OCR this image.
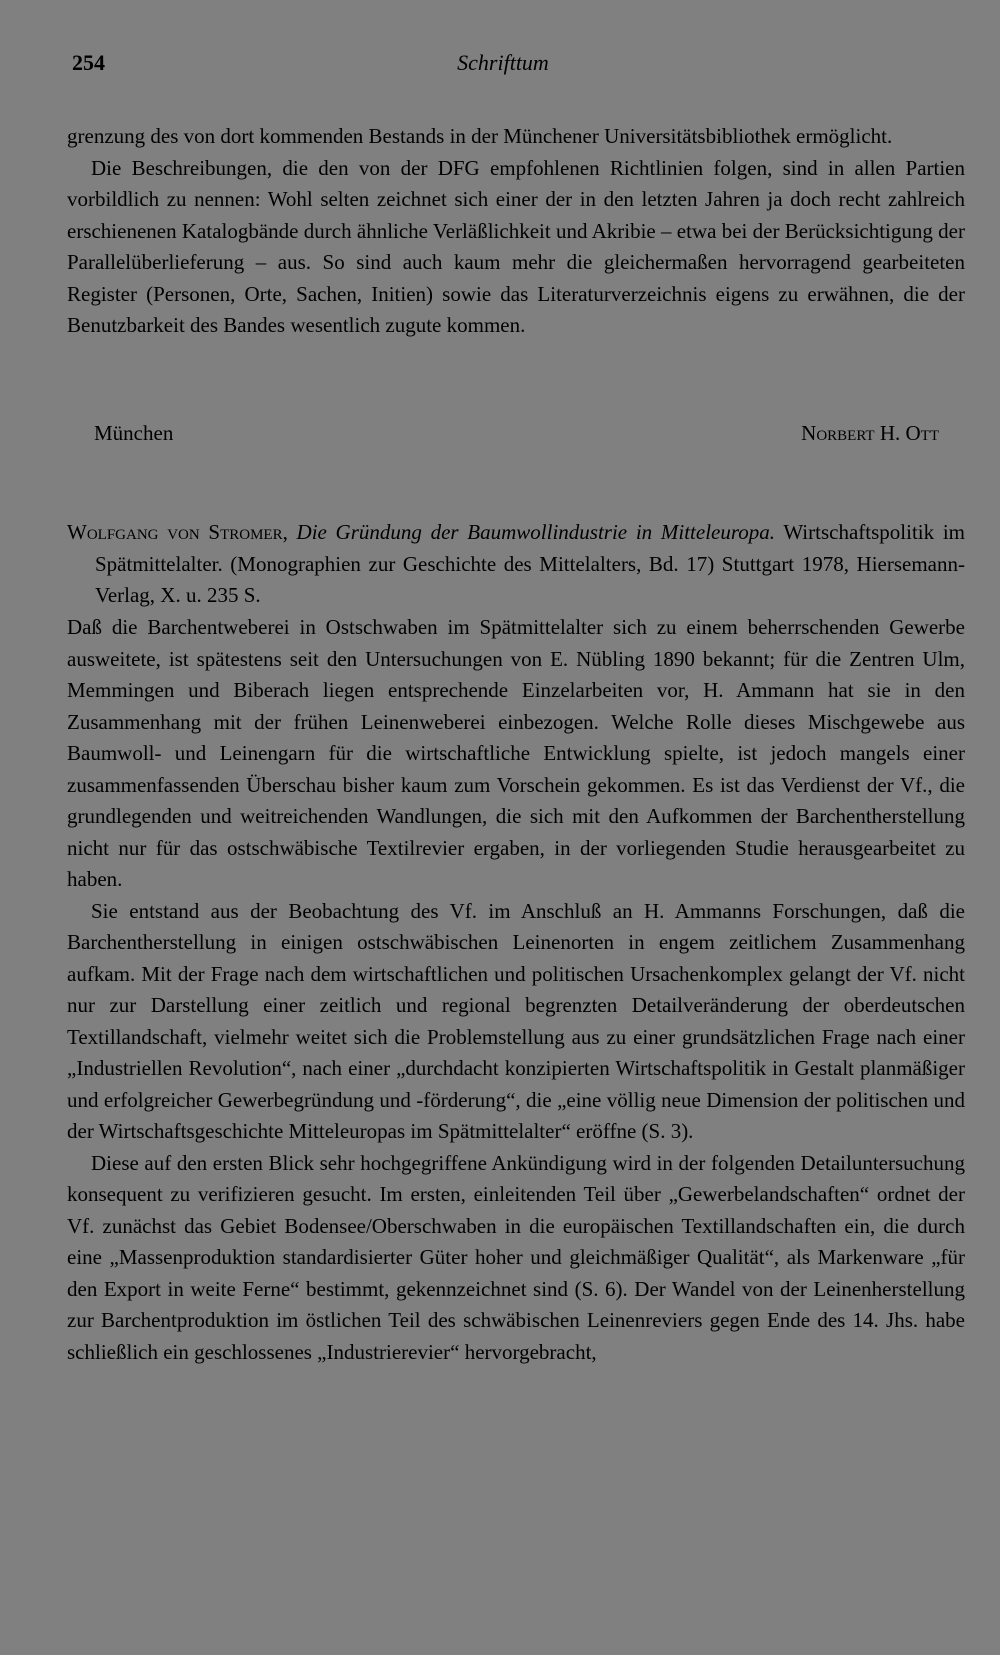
254	Schrifttum

grenzung des von dort kommenden Bestands in der Münchener Universitätsbibliothek ermöglicht.

Die Beschreibungen, die den von der DFG empfohlenen Richtlinien folgen, sind in allen Partien vorbildlich zu nennen: Wohl selten zeichnet sich einer der in den letzten Jahren ja doch recht zahlreich erschienenen Katalogbände durch ähnliche Verläßlichkeit und Akribie – etwa bei der Berücksichtigung der Parallelüberlieferung – aus. So sind auch kaum mehr die gleichermaßen hervorragend gearbeiteten Register (Personen, Orte, Sachen, Initien) sowie das Literaturverzeichnis eigens zu erwähnen, die der Benutzbarkeit des Bandes wesentlich zugute kommen.

München	Norbert H. Ott
Wolfgang von Stromer, Die Gründung der Baumwollindustrie in Mitteleuropa. Wirtschaftspolitik im Spätmittelalter. (Monographien zur Geschichte des Mittelalters, Bd. 17) Stuttgart 1978, Hiersemann-Verlag, X. u. 235 S.

Daß die Barchentweberei in Ostschwaben im Spätmittelalter sich zu einem beherrschenden Gewerbe ausweitete, ist spätestens seit den Untersuchungen von E. Nübling 1890 bekannt; für die Zentren Ulm, Memmingen und Biberach liegen entsprechende Einzelarbeiten vor, H. Ammann hat sie in den Zusammenhang mit der frühen Leinenweberei einbezogen. Welche Rolle dieses Mischgewebe aus Baumwoll- und Leinengarn für die wirtschaftliche Entwicklung spielte, ist jedoch mangels einer zusammenfassenden Überschau bisher kaum zum Vorschein gekommen. Es ist das Verdienst der Vf., die grundlegenden und weitreichenden Wandlungen, die sich mit den Aufkommen der Barchentherstellung nicht nur für das ostschwäbische Textilrevier ergaben, in der vorliegenden Studie herausgearbeitet zu haben.

Sie entstand aus der Beobachtung des Vf. im Anschluß an H. Ammanns Forschungen, daß die Barchentherstellung in einigen ostschwäbischen Leinenorten in engem zeitlichem Zusammenhang aufkam. Mit der Frage nach dem wirtschaftlichen und politischen Ursachenkomplex gelangt der Vf. nicht nur zur Darstellung einer zeitlich und regional begrenzten Detailveränderung der oberdeutschen Textillandschaft, vielmehr weitet sich die Problemstellung aus zu einer grundsätzlichen Frage nach einer „Industriellen Revolution“, nach einer „durchdacht konzipierten Wirtschaftspolitik in Gestalt planmäßiger und erfolgreicher Gewerbegründung und -förderung“, die „eine völlig neue Dimension der politischen und der Wirtschaftsgeschichte Mitteleuropas im Spätmittelalter“ eröffne (S. 3).

Diese auf den ersten Blick sehr hochgegriffene Ankündigung wird in der folgenden Detailuntersuchung konsequent zu verifizieren gesucht. Im ersten, einleitenden Teil über „Gewerbelandschaften“ ordnet der Vf. zunächst das Gebiet Bodensee/Oberschwaben in die europäischen Textillandschaften ein, die durch eine „Massenproduktion standardisierter Güter hoher und gleichmäßiger Qualität“, als Markenware „für den Export in weite Ferne“ bestimmt, gekennzeichnet sind (S. 6). Der Wandel von der Leinenherstellung zur Barchentproduktion im östlichen Teil des schwäbischen Leinenreviers gegen Ende des 14. Jhs. habe schließlich ein geschlossenes „Industrierevier“ hervorgebracht,
